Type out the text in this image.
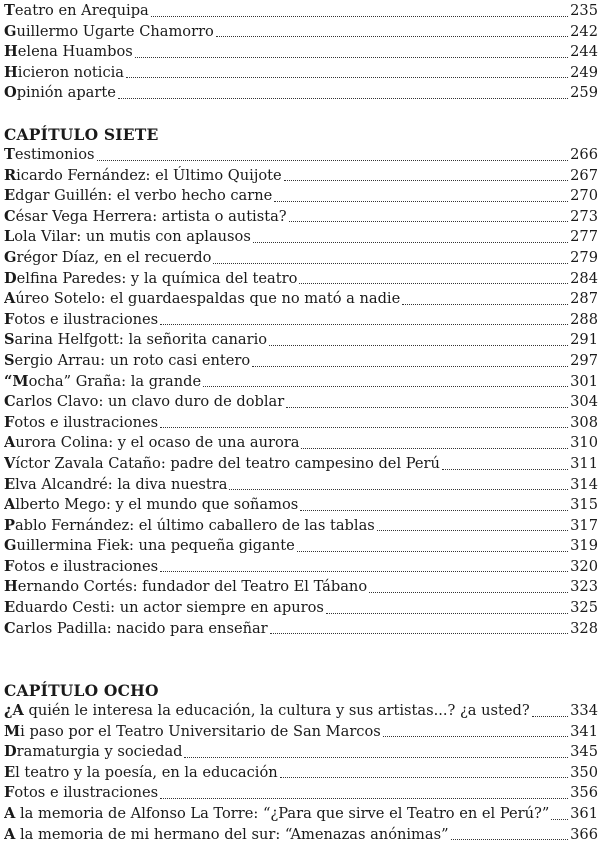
Teatro en Arequipa	235
Guillermo Ugarte Chamorro	242
Helena Huambos	244
Hicieron noticia	249
Opinión aparte	259
CAPÍTULO SIETE
Testimonios	266
Ricardo Fernández: el Último Quijote	267
Edgar Guillén: el verbo hecho carne	270
César Vega Herrera: artista o autista?	273
Lola Vilar: un mutis con aplausos	277
Grégor Díaz, en el recuerdo	279
Delfina Paredes: y la química del teatro	284
Aúreo Sotelo: el guardaespaldas que no mató a nadie	287
Fotos e ilustraciones	288
Sarina Helfgott: la señorita canario	291
Sergio Arrau: un roto casi entero	297
“Mocha” Graña: la grande	301
Carlos Clavo: un clavo duro de doblar	304
Fotos e ilustraciones	308
Aurora Colina: y el ocaso de una aurora	310
Víctor Zavala Cataño: padre del teatro campesino del Perú	311
Elva Alcandré: la diva nuestra	314
Alberto Mego: y el mundo que soñamos	315
Pablo Fernández: el último caballero de las tablas	317
Guillermina Fiek: una pequeña gigante	319
Fotos e ilustraciones	320
Hernando Cortés: fundador del Teatro El Tábano	323
Eduardo Cesti: un actor siempre en apuros	325
Carlos Padilla: nacido para enseñar	328
CAPÍTULO OCHO
¿A quién le interesa la educación, la cultura y sus artistas...? ¿a usted?	334
Mi paso por el Teatro Universitario de San Marcos	341
Dramaturgia y sociedad	345
El teatro y la poesía, en la educación	350
Fotos e ilustraciones	356
A la memoria de Alfonso La Torre: “¿Para que sirve el Teatro en el Perú?” 361
A la memoria de mi hermano del sur: “Amenazas anónimas”	366
